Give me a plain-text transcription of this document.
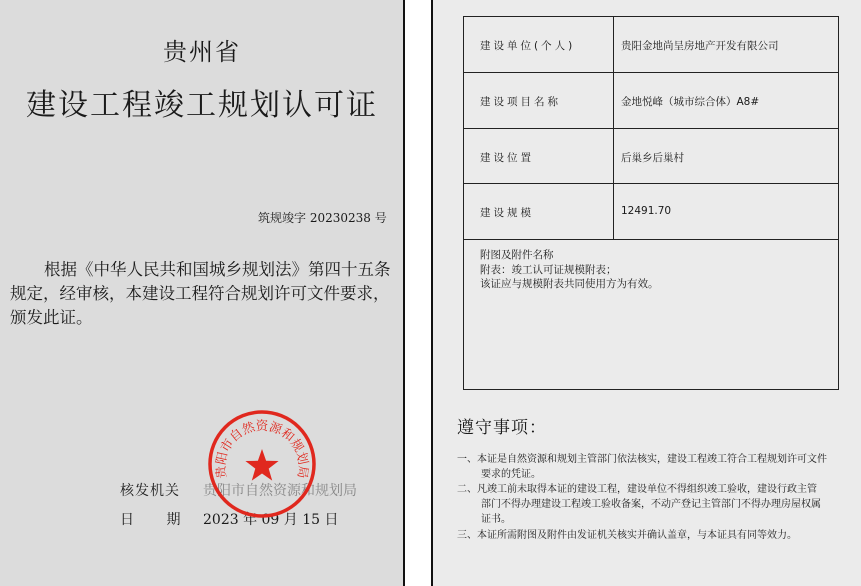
贵州省
建设工程竣工规划认可证
筑规竣字 20230238 号
根据《中华人民共和国城乡规划法》第四十五条
规定，经审核，本建设工程符合规划许可文件要求，
颁发此证。
核发机关 贵阳市自然资源和规划局
日 期 2023 年 09 月 15 日
贵阳市自然资源和规划局
建设单位(个人)	贵阳金地尚呈房地产开发有限公司
建设项目名称	金地悦峰（城市综合体）A8#
建设位置	后巢乡后巢村
建设规模	12491.70
附图及附件名称
附表：竣工认可证规模附表；
该证应与规模附表共同使用方为有效。
遵守事项：
一、本证是自然资源和规划主管部门依法核实，建设工程竣工符合工程规划许可文件
要求的凭证。
二、凡竣工前未取得本证的建设工程，建设单位不得组织竣工验收，建设行政主管
部门不得办理建设工程竣工验收备案，不动产登记主管部门不得办理房屋权属
证书。
三、本证所需附图及附件由发证机关核实并确认盖章，与本证具有同等效力。
